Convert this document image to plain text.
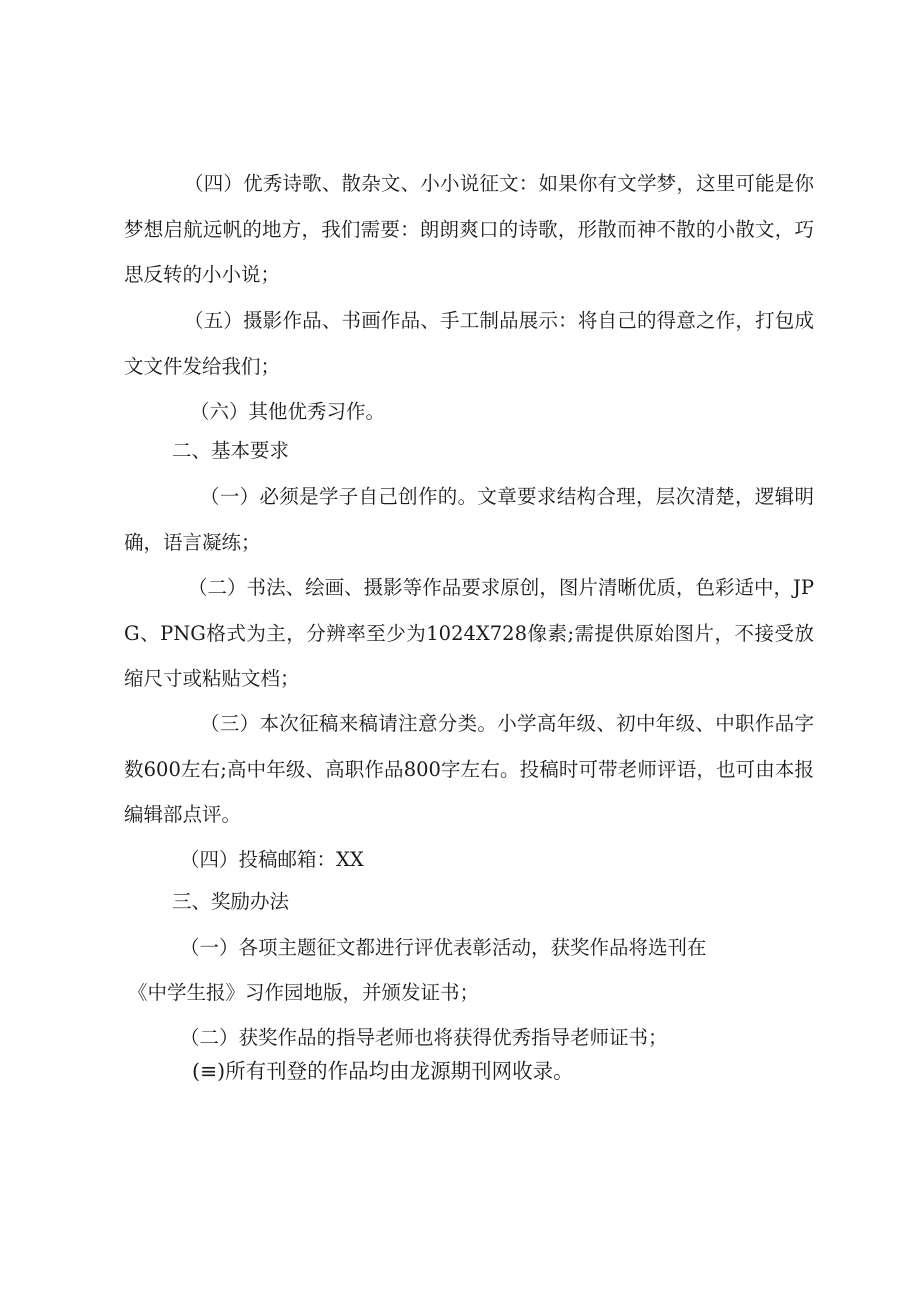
（四）优秀诗歌、散杂文、小小说征文：如果你有文学梦，这里可能是你梦想启航远帆的地方，我们需要：朗朗爽口的诗歌，形散而神不散的小散文，巧思反转的小小说；

（五）摄影作品、书画作品、手工制品展示：将自己的得意之作，打包成文文件发给我们；

（六）其他优秀习作。

二、基本要求

（一）必须是学子自己创作的。文章要求结构合理，层次清楚，逻辑明确，语言凝练；

（二）书法、绘画、摄影等作品要求原创，图片清晰优质，色彩适中，JPG、PNG格式为主，分辨率至少为1024X728像素;需提供原始图片，不接受放缩尺寸或粘贴文档；

（三）本次征稿来稿请注意分类。小学高年级、初中年级、中职作品字数600左右;高中年级、高职作品800字左右。投稿时可带老师评语，也可由本报编辑部点评。

（四）投稿邮箱：XX

三、奖励办法

（一）各项主题征文都进行评优表彰活动，获奖作品将选刊在

《中学生报》习作园地版，并颁发证书；

（二）获奖作品的指导老师也将获得优秀指导老师证书；

(≡)所有刊登的作品均由龙源期刊网收录。
